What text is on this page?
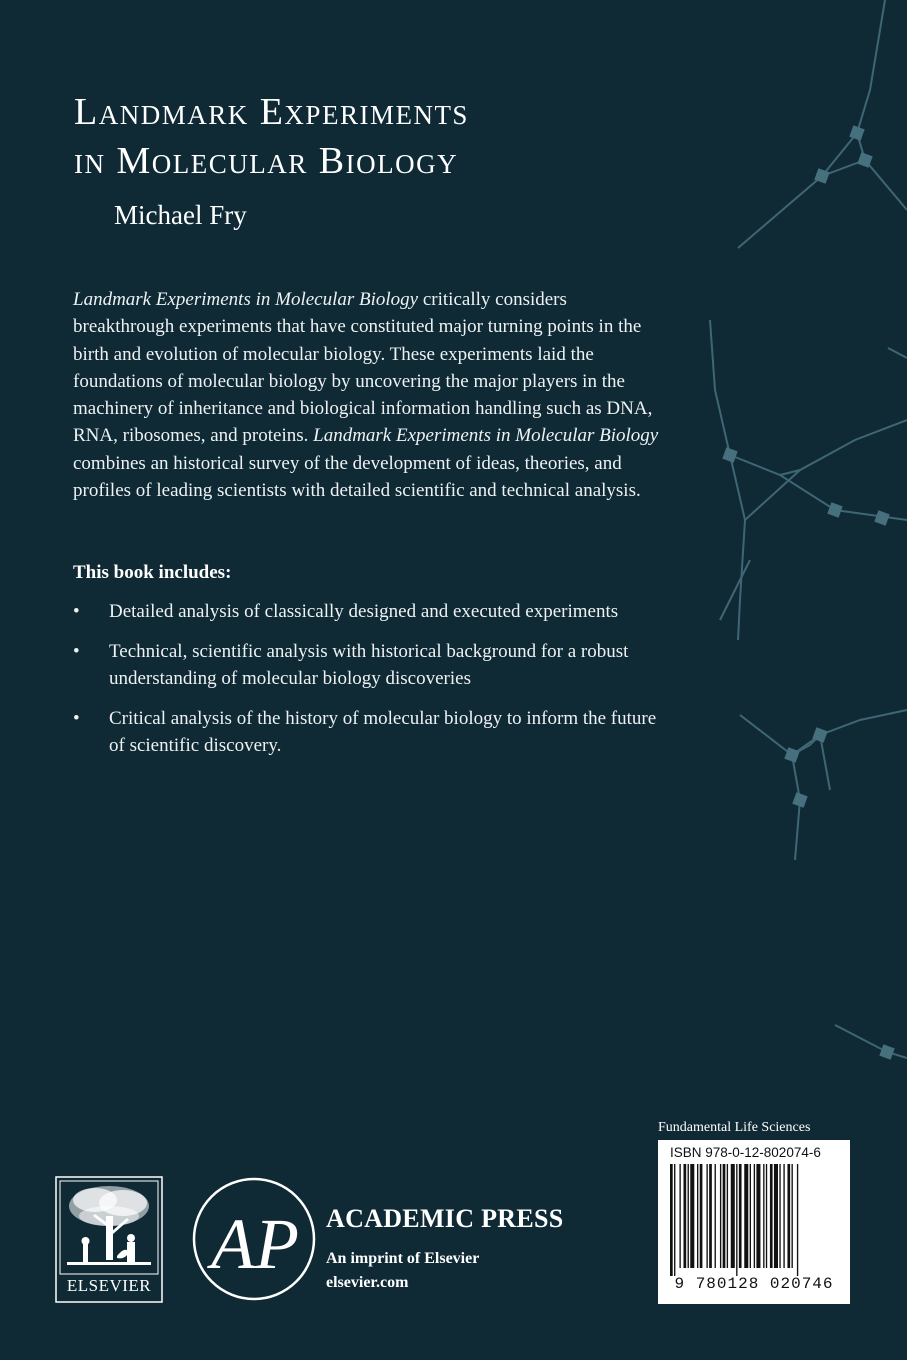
Landmark Experiments
in Molecular Biology
Michael Fry

Landmark Experiments in Molecular Biology critically considers breakthrough experiments that have constituted major turning points in the birth and evolution of molecular biology. These experiments laid the foundations of molecular biology by uncovering the major players in the machinery of inheritance and biological information handling such as DNA, RNA, ribosomes, and proteins. Landmark Experiments in Molecular Biology combines an historical survey of the development of ideas, theories, and profiles of leading scientists with detailed scientific and technical analysis.

This book includes:
• Detailed analysis of classically designed and executed experiments
• Technical, scientific analysis with historical background for a robust understanding of molecular biology discoveries
• Critical analysis of the history of molecular biology to inform the future of scientific discovery.
Fundamental Life Sciences
ISBN 978-0-12-802074-6
9 780128 020746
ELSEVIER
AP ACADEMIC PRESS
An imprint of Elsevier
elsevier.com
